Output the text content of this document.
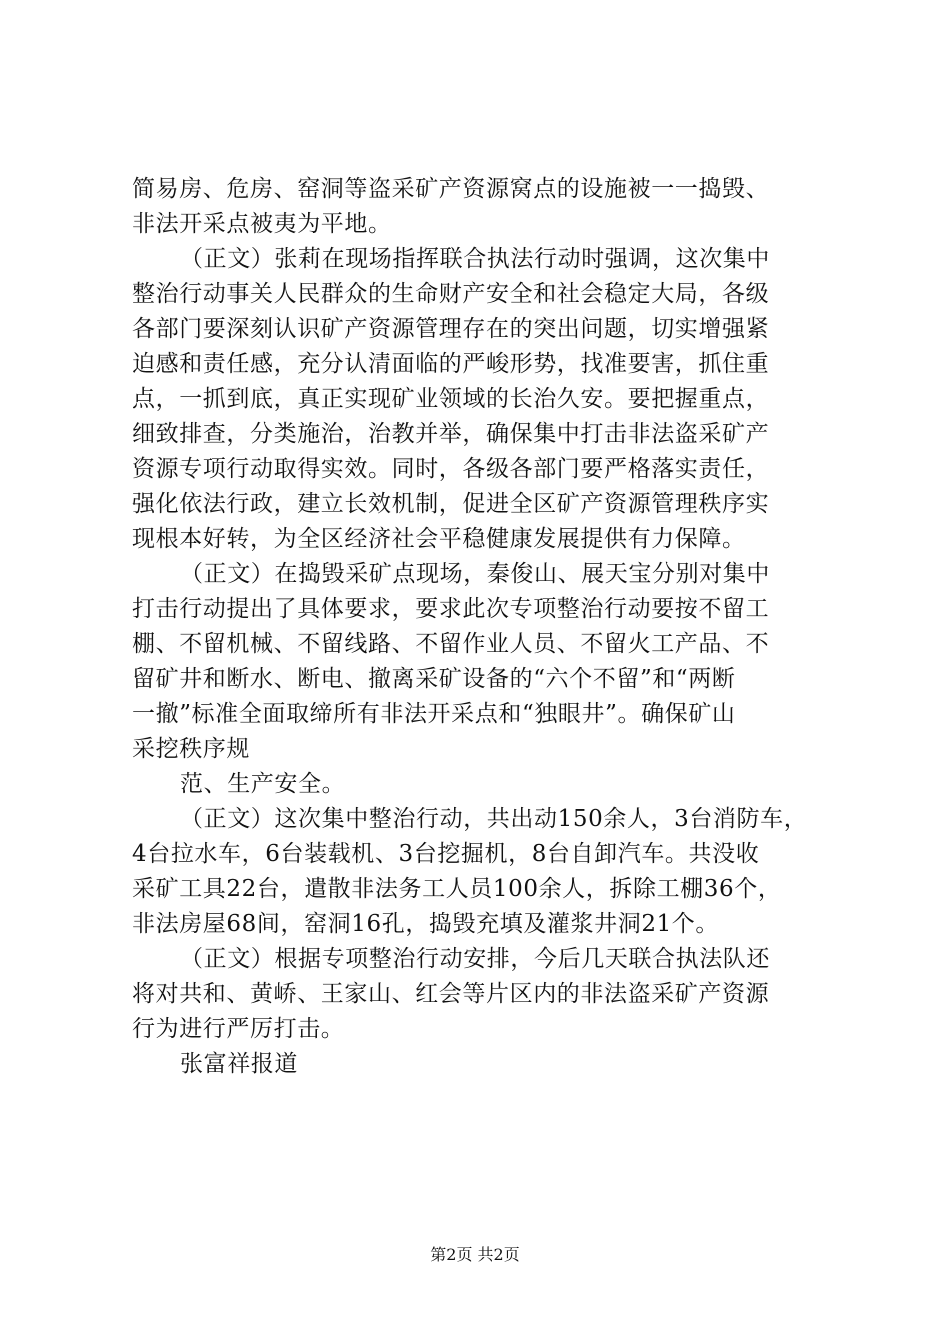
简易房、危房、窑洞等盗采矿产资源窝点的设施被一一捣毁、
非法开采点被夷为平地。
（正文）张莉在现场指挥联合执法行动时强调，这次集中
整治行动事关人民群众的生命财产安全和社会稳定大局，各级
各部门要深刻认识矿产资源管理存在的突出问题，切实增强紧
迫感和责任感，充分认清面临的严峻形势，找准要害，抓住重
点，一抓到底，真正实现矿业领域的长治久安。要把握重点，
细致排查，分类施治，治教并举，确保集中打击非法盗采矿产
资源专项行动取得实效。同时，各级各部门要严格落实责任，
强化依法行政，建立长效机制，促进全区矿产资源管理秩序实
现根本好转，为全区经济社会平稳健康发展提供有力保障。
（正文）在捣毁采矿点现场，秦俊山、展天宝分别对集中
打击行动提出了具体要求，要求此次专项整治行动要按不留工
棚、不留机械、不留线路、不留作业人员、不留火工产品、不
留矿井和断水、断电、撤离采矿设备的“六个不留”和“两断
一撤”标准全面取缔所有非法开采点和“独眼井”。确保矿山
采挖秩序规
范、生产安全。
（正文）这次集中整治行动，共出动150余人，3台消防车，
4台拉水车，6台装载机、3台挖掘机，8台自卸汽车。共没收
采矿工具22台，遣散非法务工人员100余人，拆除工棚36个，
非法房屋68间，窑洞16孔，捣毁充填及灌浆井洞21个。
（正文）根据专项整治行动安排，今后几天联合执法队还
将对共和、黄峤、王家山、红会等片区内的非法盗采矿产资源
行为进行严厉打击。
张富祥报道
第2页 共2页
